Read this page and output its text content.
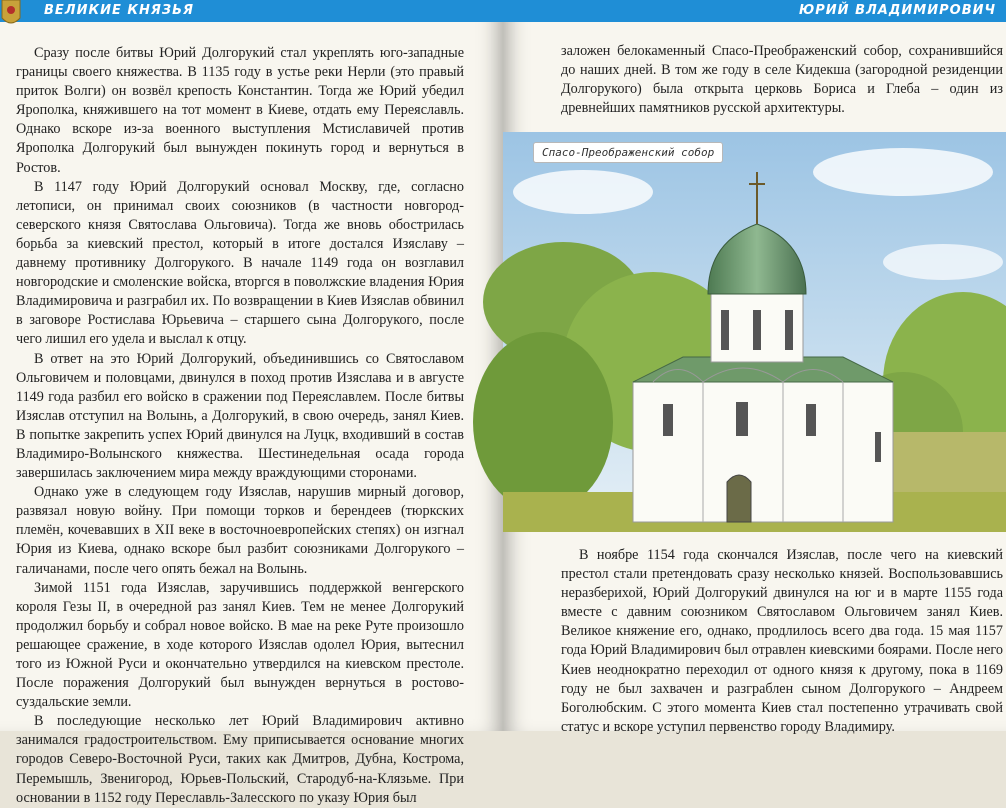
ВЕЛИКИЕ КНЯЗЬЯ

Сразу после битвы Юрий Долгорукий стал укреплять юго-западные границы своего княжества. В 1135 году в устье реки Нерли (это правый приток Волги) он возвёл крепость Константин. Тогда же Юрий убедил Ярополка, княжившего на тот момент в Киеве, отдать ему Переяславль. Однако вскоре из-за военного выступления Мстиславичей против Ярополка Долгорукий был вынужден покинуть город и вернуться в Ростов.

В 1147 году Юрий Долгорукий основал Москву, где, согласно летописи, он принимал своих союзников (в частности новгород-северского князя Святослава Ольговича). Тогда же вновь обострилась борьба за киевский престол, который в итоге достался Изяславу – давнему противнику Долгорукого. В начале 1149 года он возглавил новгородские и смоленские войска, вторгся в поволжские владения Юрия Владимировича и разграбил их. По возвращении в Киев Изяслав обвинил в заговоре Ростислава Юрьевича – старшего сына Долгорукого, после чего лишил его удела и выслал к отцу.

В ответ на это Юрий Долгорукий, объединившись со Святославом Ольговичем и половцами, двинулся в поход против Изяслава и в августе 1149 года разбил его войско в сражении под Переяславлем. После битвы Изяслав отступил на Волынь, а Долгорукий, в свою очередь, занял Киев. В попытке закрепить успех Юрий двинулся на Луцк, входивший в состав Владимиро-Волынского княжества. Шестинедельная осада города завершилась заключением мира между враждующими сторонами.

Однако уже в следующем году Изяслав, нарушив мирный договор, развязал новую войну. При помощи торков и берендеев (тюркских племён, кочевавших в XII веке в восточноевропейских степях) он изгнал Юрия из Киева, однако вскоре был разбит союзниками Долгорукого – галичанами, после чего опять бежал на Волынь.

Зимой 1151 года Изяслав, заручившись поддержкой венгерского короля Гезы II, в очередной раз занял Киев. Тем не менее Долгорукий продолжил борьбу и собрал новое войско. В мае на реке Руте произошло решающее сражение, в ходе которого Изяслав одолел Юрия, вытеснил того из Южной Руси и окончательно утвердился на киевском престоле. После поражения Долгорукий был вынужден вернуться в ростово-суздальские земли.

В последующие несколько лет Юрий Владимирович активно занимался градостроительством. Ему приписывается основание многих городов Северо-Восточной Руси, таких как Дмитров, Дубна, Кострома, Перемышль, Звенигород, Юрьев-Польский, Стародуб-на-Клязьме. При основании в 1152 году Переславль-Залесского по указу Юрия был

ЮРИЙ ВЛАДИМИРОВИЧ

заложен белокаменный Спасо-Преображенский собор, сохранившийся до наших дней. В том же году в селе Кидекша (загородной резиденции Долгорукого) была открыта церковь Бориса и Глеба – один из древнейших памятников русской архитектуры.

Спасо-Преображенский собор

В ноябре 1154 года скончался Изяслав, после чего на киевский престол стали претендовать сразу несколько князей. Воспользовавшись неразберихой, Юрий Долгорукий двинулся на юг и в марте 1155 года вместе с давним союзником Святославом Ольговичем занял Киев. Великое княжение его, однако, продлилось всего два года. 15 мая 1157 года Юрий Владимирович был отравлен киевскими боярами. После него Киев неоднократно переходил от одного князя к другому, пока в 1169 году не был захвачен и разграблен сыном Долгорукого – Андреем Боголюбским. С этого момента Киев стал постепенно утрачивать свой статус и вскоре уступил первенство городу Владимиру.
